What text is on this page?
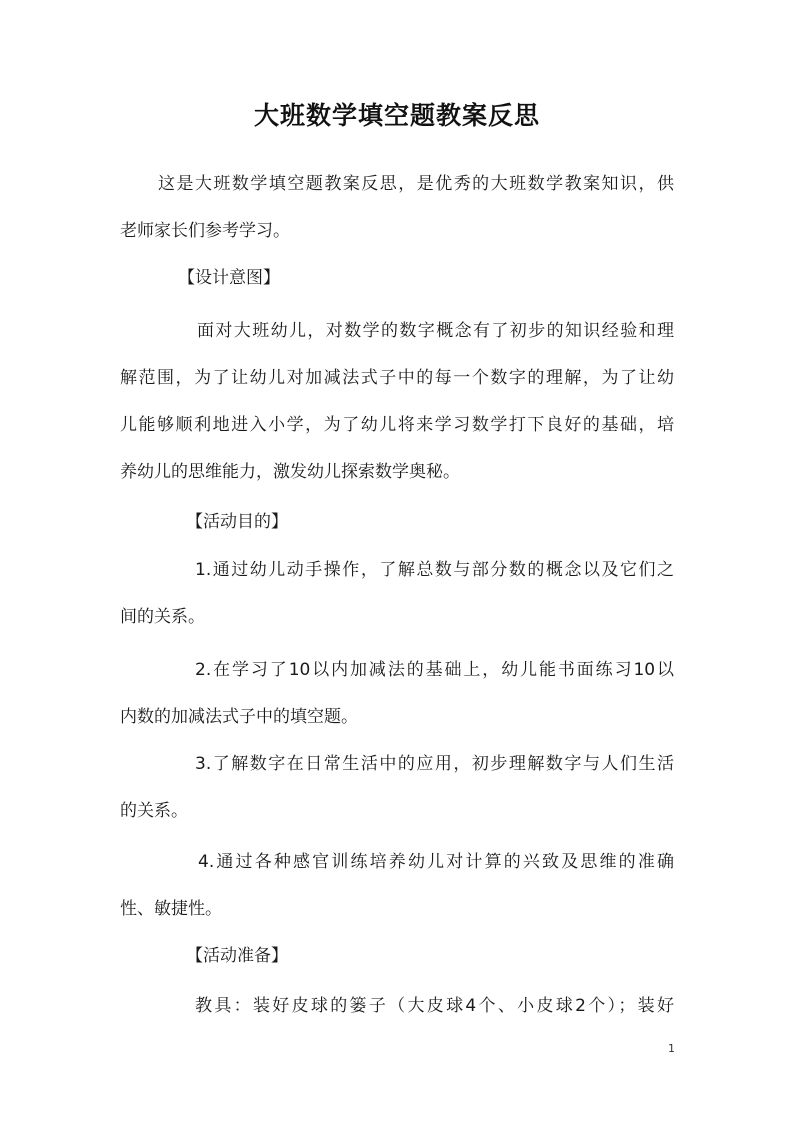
大班数学填空题教案反思
这是大班数学填空题教案反思，是优秀的大班数学教案知识，供
老师家长们参考学习。
【设计意图】
面对大班幼儿，对数学的数字概念有了初步的知识经验和理
解范围，为了让幼儿对加减法式子中的每一个数字的理解，为了让幼
儿能够顺利地进入小学，为了幼儿将来学习数学打下良好的基础，培
养幼儿的思维能力，激发幼儿探索数学奥秘。
【活动目的】
1.通过幼儿动手操作，了解总数与部分数的概念以及它们之
间的关系。
2.在学习了10以内加减法的基础上，幼儿能书面练习10以
内数的加减法式子中的填空题。
3.了解数字在日常生活中的应用，初步理解数字与人们生活
的关系。
4.通过各种感官训练培养幼儿对计算的兴致及思维的准确
性、敏捷性。
【活动准备】
教具：装好皮球的篓子（大皮球4个、小皮球2个）；装好
1
